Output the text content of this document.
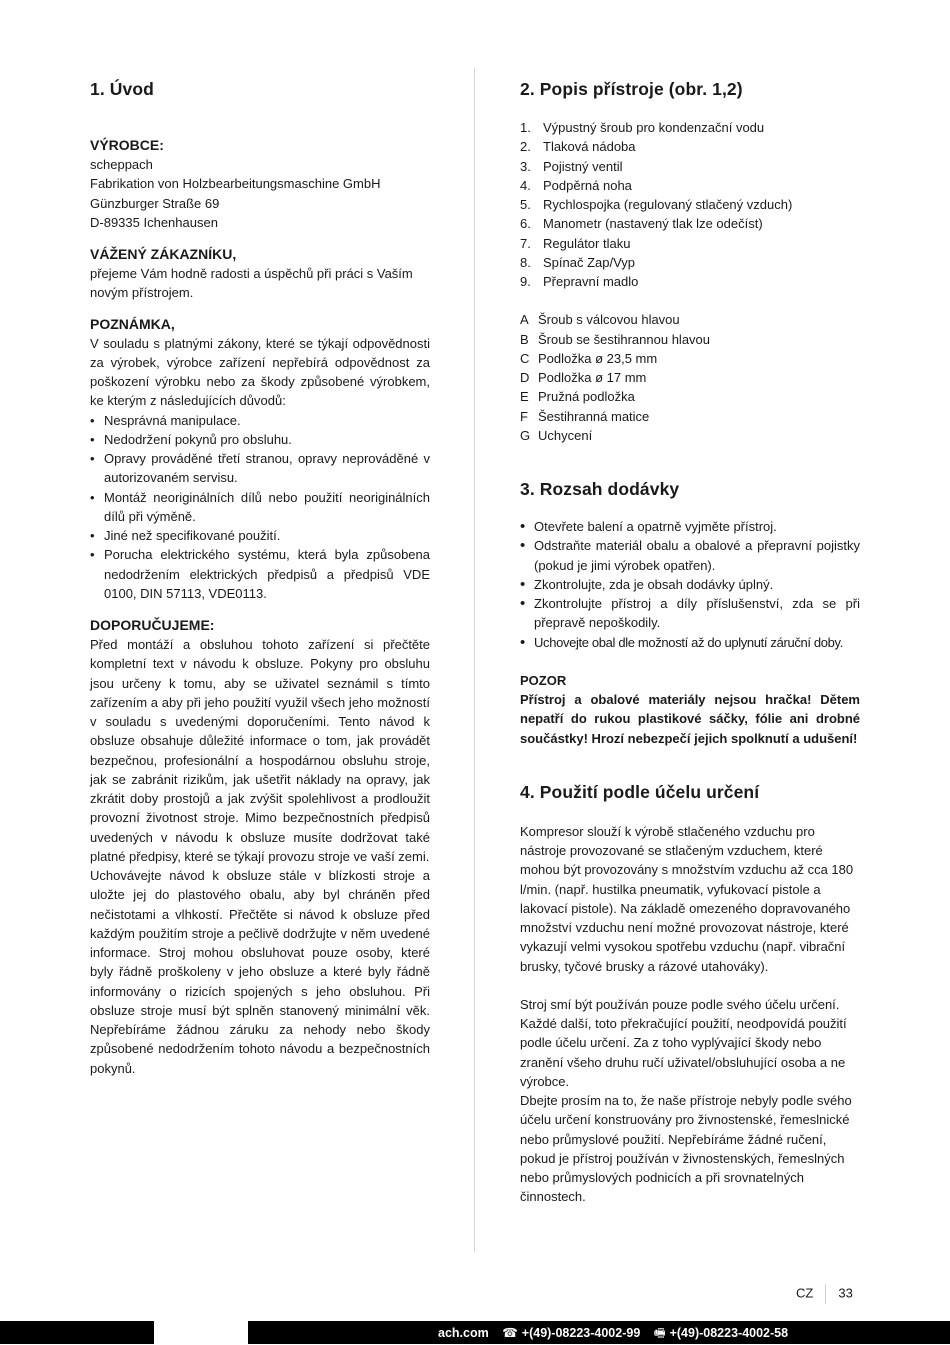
1. Úvod
VÝROBCE:
scheppach
Fabrikation von Holzbearbeitungsmaschine GmbH
Günzburger Straße 69
D-89335 Ichenhausen
VÁŽENÝ ZÁKAZNÍKU,
přejeme Vám hodně radosti a úspěchů při práci s Vaším novým přístrojem.
POZNÁMKA,
V souladu s platnými zákony, které se týkají odpovědnosti za výrobek, výrobce zařízení nepřebírá odpovědnost za poškození výrobku nebo za škody způsobené výrobkem, ke kterým z následujících důvodů:
• Nesprávná manipulace.
• Nedodržení pokynů pro obsluhu.
• Opravy prováděné třetí stranou, opravy neprováděné v autorizovaném servisu.
• Montáž neoriginálních dílů nebo použití neoriginálních dílů při výměně.
• Jiné než specifikované použití.
• Porucha elektrického systému, která byla způsobena nedodržením elektrických předpisů a předpisů VDE 0100, DIN 57113, VDE0113.
DOPORUČUJEME:
Před montáží a obsluhou tohoto zařízení si přečtěte kompletní text v návodu k obsluze. Pokyny pro obsluhu jsou určeny k tomu, aby se uživatel seznámil s tímto zařízením a aby při jeho použití využil všech jeho možností v souladu s uvedenými doporučeními. Tento návod k obsluze obsahuje důležité informace o tom, jak provádět bezpečnou, profesionální a hospodárnou obsluhu stroje, jak se zabránit rizikům, jak ušetřit náklady na opravy, jak zkrátit doby prostojů a jak zvýšit spolehlivost a prodloužit provozní životnost stroje. Mimo bezpečnostních předpisů uvedených v návodu k obsluze musíte dodržovat také platné předpisy, které se týkají provozu stroje ve vaší zemi.
Uchovávejte návod k obsluze stále v blízkosti stroje a uložte jej do plastového obalu, aby byl chráněn před nečistotami a vlhkostí. Přečtěte si návod k obsluze před každým použitím stroje a pečlivě dodržujte v něm uvedené informace. Stroj mohou obsluhovat pouze osoby, které byly řádně proškoleny v jeho obsluze a které byly řádně informovány o rizicích spojených s jeho obsluhou. Při obsluze stroje musí být splněn stanovený minimální věk. Nepřebíráme žádnou záruku za nehody nebo škody způsobené nedodržením tohoto návodu a bezpečnostních pokynů.
2. Popis přístroje (obr. 1,2)
1. Výpustný šroub pro kondenzační vodu
2. Tlaková nádoba
3. Pojistný ventil
4. Podpěrná noha
5. Rychlospojka (regulovaný stlačený vzduch)
6. Manometr (nastavený tlak lze odečíst)
7. Regulátor tlaku
8. Spínač Zap/Vyp
9. Přepravní madlo
A Šroub s válcovou hlavou
B Šroub se šestihrannou hlavou
C Podložka ø 23,5 mm
D Podložka ø 17 mm
E Pružná podložka
F Šestihranná matice
G Uchycení
3. Rozsah dodávky
• Otevřete balení a opatrně vyjměte přístroj.
• Odstraňte materiál obalu a obalové a přepravní pojistky (pokud je jimi výrobek opatřen).
• Zkontrolujte, zda je obsah dodávky úplný.
• Zkontrolujte přístroj a díly příslušenství, zda se při přepravě nepoškodily.
• Uchovejte obal dle možností až do uplynutí záruční doby.
POZOR
Přístroj a obalové materiály nejsou hračka! Dětem nepatří do rukou plastikové sáčky, fólie ani drobné součástky! Hrozí nebezpečí jejich spolknutí a udušení!
4. Použití podle účelu určení
Kompresor slouží k výrobě stlačeného vzduchu pro nástroje provozované se stlačeným vzduchem, které mohou být provozovány s množstvím vzduchu až cca 180 l/min. (např. hustilka pneumatik, vyfukovací pistole a lakovací pistole). Na základě omezeného dopravovaného množství vzduchu není možné provozovat nástroje, které vykazují velmi vysokou spotřebu vzduchu (např. vibrační brusky, tyčové brusky a rázové utahováky).
Stroj smí být používán pouze podle svého účelu určení. Každé další, toto překračující použití, neodpovídá použití podle účelu určení. Za z toho vyplývající škody nebo zranění všeho druhu ručí uživatel/obsluhující osoba a ne výrobce.
Dbejte prosím na to, že naše přístroje nebyly podle svého účelu určení konstruovány pro živnostenské, řemeslnické nebo průmyslové použití. Nepřebíráme žádné ručení, pokud je přístroj používán v živnostenských, řemeslných nebo průmyslových podnicích a při srovnatelných činnostech.
CZ 33
ach.com ☎ +(49)-08223-4002-99 🖷 +(49)-08223-4002-58
